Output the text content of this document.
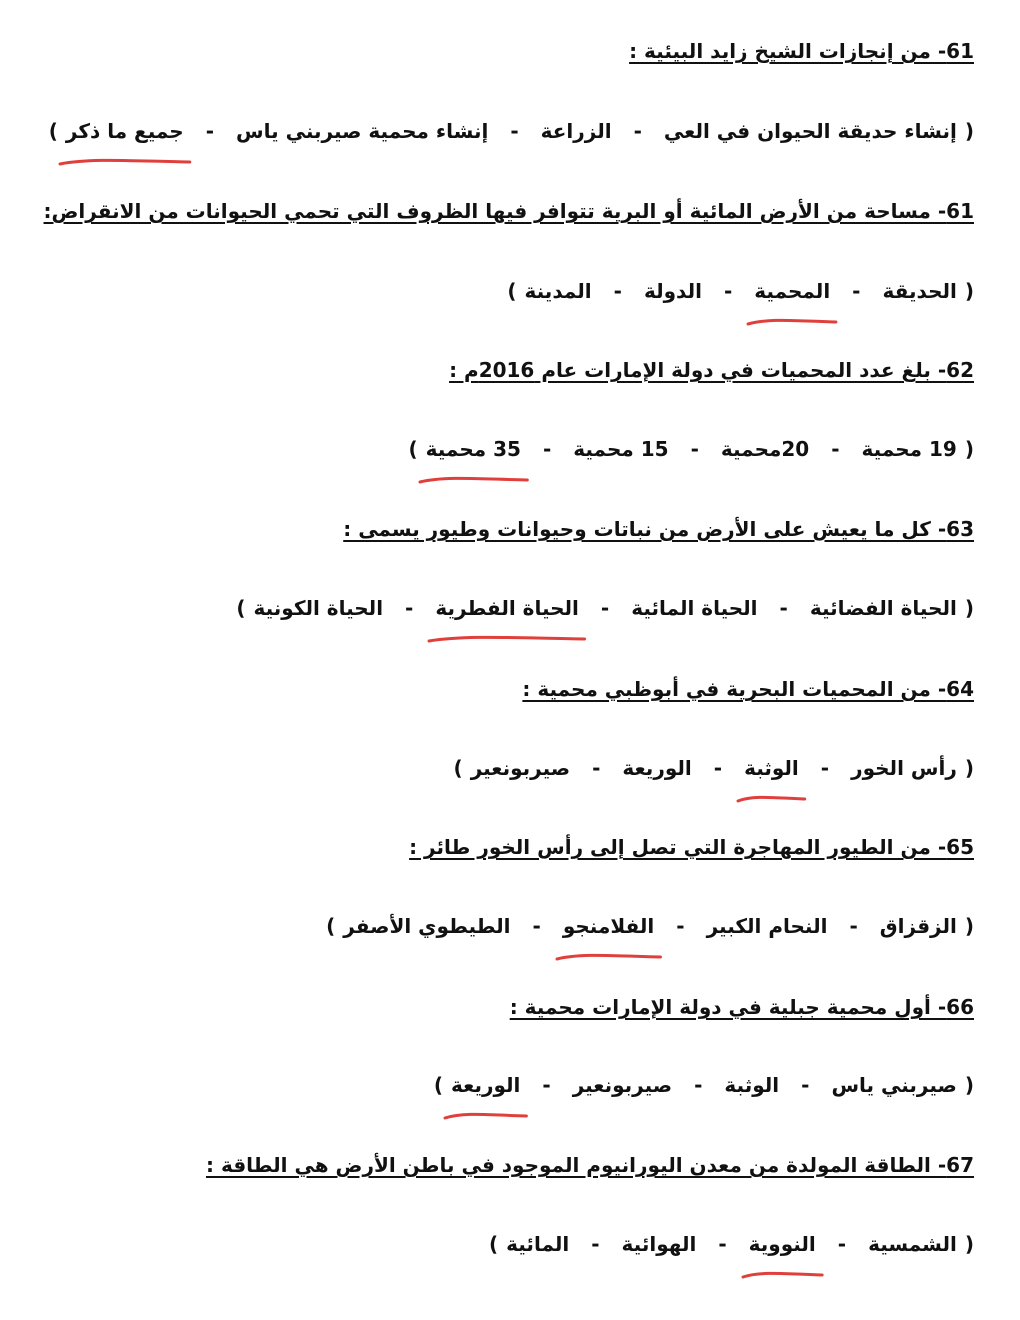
61- من إنجازات الشيخ زايد البيئية :
(إنشاء حديقة الحيوان في العي-الزراعة-إنشاء محمية صيربني ياس-جميع ما ذكر)
61- مساحة من الأرض المائية أو البرية تتوافر فيها الظروف التي تحمي الحيوانات من الانقراض:
(الحديقة-المحمية-الدولة-المدينة)
62- بلغ عدد المحميات في دولة الإمارات عام 2016م :
(19 محمية-20محمية-15 محمية-35 محمية)
63- كل ما يعيش على الأرض من نباتات وحيوانات وطيور يسمى :
(الحياة الفضائية-الحياة المائية-الحياة الفطرية-الحياة الكونية)
64- من المحميات البحرية في أبوظبي محمية :
(رأس الخور-الوثبة-الوريعة-صيربونعير)
65- من الطيور المهاجرة التي تصل إلى رأس الخور طائر :
(الزقزاق-النحام الكبير-الفلامنجو-الطيطوي الأصفر)
66- أول محمية جبلية في دولة الإمارات محمية :
(صيربني ياس-الوثبة-صيربونعير-الوريعة)
67- الطاقة المولدة من معدن اليورانيوم الموجود في باطن الأرض هي الطاقة :
(الشمسية-النووية-الهوائية-المائية)
